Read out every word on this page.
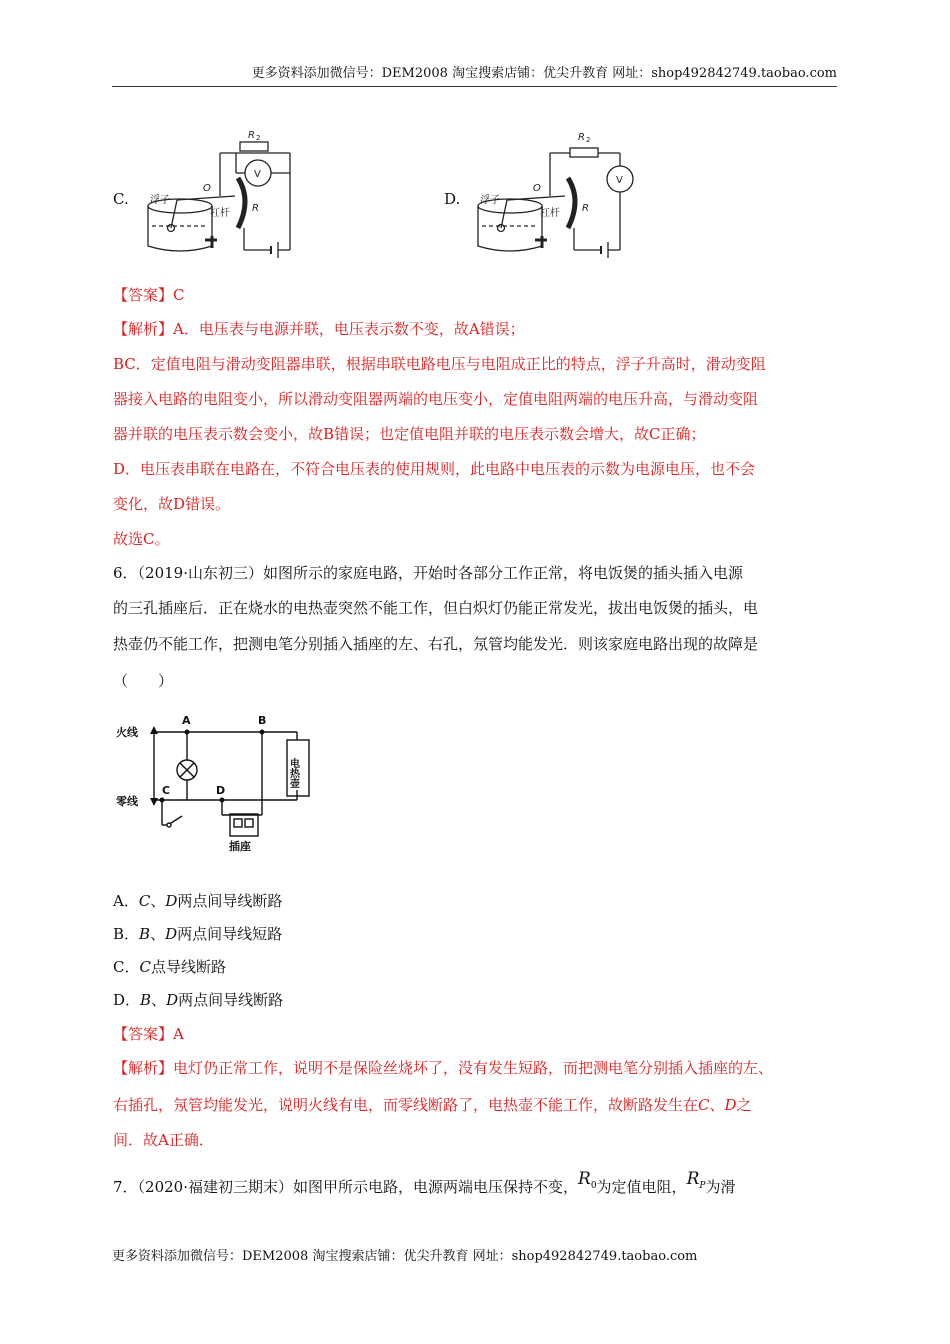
更多资料添加微信号：DEM2008 淘宝搜索店铺：优尖升教育 网址：shop492842749.taobao.com
C. 浮子
O
杠杆 R
R 2
V
D. 浮子
O
杠杆 R
R 2
V
【答案】C
【解析】A．电压表与电源并联，电压表示数不变，故A错误；
BC．定值电阻与滑动变阻器串联，根据串联电路电压与电阻成正比的特点，浮子升高时，滑动变阻
器接入电路的电阻变小，所以滑动变阻器两端的电压变小，定值电阻两端的电压升高，与滑动变阻
器并联的电压表示数会变小，故B错误；也定值电阻并联的电压表示数会增大，故C正确；
D．电压表串联在电路在，不符合电压表的使用规则，此电路中电压表的示数为电源电压，也不会
变化，故D错误。
故选C。
6．（2019·山东初三）如图所示的家庭电路，开始时各部分工作正常，将电饭煲的插头插入电源
的三孔插座后．正在烧水的电热壶突然不能工作，但白炽灯仍能正常发光，拔出电饭煲的插头，电
热壶仍不能工作，把测电笔分别插入插座的左、右孔，氖管均能发光．则该家庭电路出现的故障是
（　　）
火线
零线
A	B
C	D
插座
电热壶
A．C、D两点间导线断路
B．B、D两点间导线短路
C．C点导线断路
D．B、D两点间导线断路
【答案】A
【解析】电灯仍正常工作，说明不是保险丝烧坏了，没有发生短路，而把测电笔分别插入插座的左、
右插孔，氖管均能发光，说明火线有电，而零线断路了，电热壶不能工作，故断路发生在C、D之
间．故A正确．
7．（2020·福建初三期末）如图甲所示电路，电源两端电压保持不变，$R_0$为定值电阻，$R_P$为滑
更多资料添加微信号：DEM2008 淘宝搜索店铺：优尖升教育 网址：shop492842749.taobao.com
